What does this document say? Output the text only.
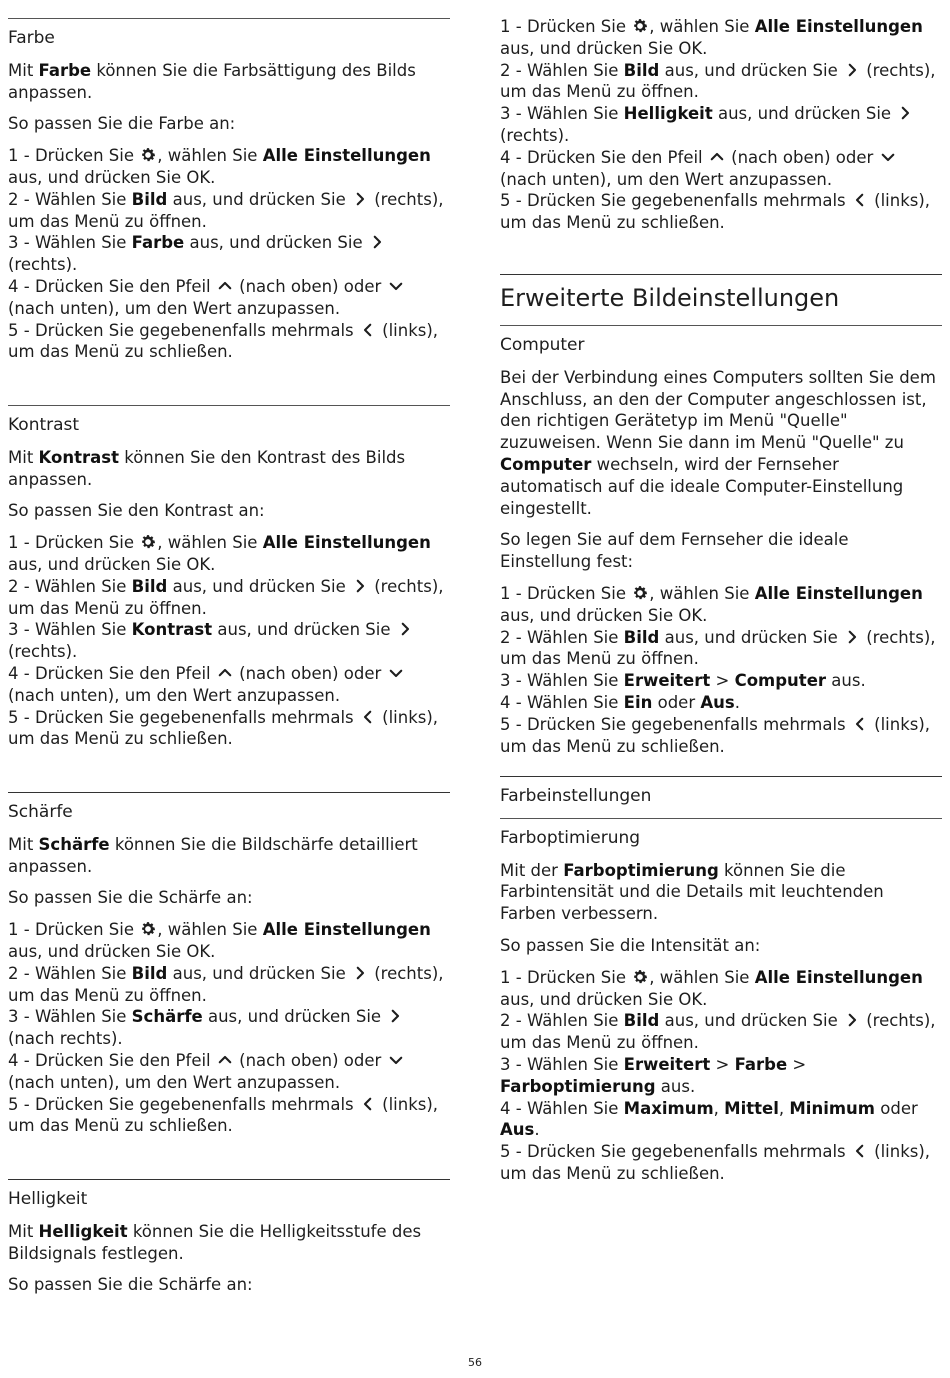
Farbe

Mit Farbe können Sie die Farbsättigung des Bilds anpassen.

So passen Sie die Farbe an:

1 - Drücken Sie
, wählen Sie Alle Einstellungen aus, und drücken Sie OK.
2 - Wählen Sie Bild aus, und drücken Sie
(rechts), um das Menü zu öffnen.
3 - Wählen Sie Farbe aus, und drücken Sie
(rechts).
4 - Drücken Sie den Pfeil
(nach oben) oder
(nach unten), um den Wert anzupassen.
5 - Drücken Sie gegebenenfalls mehrmals
(links), um das Menü zu schließen.
Kontrast

Mit Kontrast können Sie den Kontrast des Bilds anpassen.

So passen Sie den Kontrast an:

1 - Drücken Sie
, wählen Sie Alle Einstellungen aus, und drücken Sie OK.
2 - Wählen Sie Bild aus, und drücken Sie
(rechts), um das Menü zu öffnen.
3 - Wählen Sie Kontrast aus, und drücken Sie
(rechts).
4 - Drücken Sie den Pfeil
(nach oben) oder
(nach unten), um den Wert anzupassen.
5 - Drücken Sie gegebenenfalls mehrmals
(links), um das Menü zu schließen.
Schärfe

Mit Schärfe können Sie die Bildschärfe detailliert anpassen.

So passen Sie die Schärfe an:

1 - Drücken Sie
, wählen Sie Alle Einstellungen aus, und drücken Sie OK.
2 - Wählen Sie Bild aus, und drücken Sie
(rechts), um das Menü zu öffnen.
3 - Wählen Sie Schärfe aus, und drücken Sie
(nach rechts).
4 - Drücken Sie den Pfeil
(nach oben) oder
(nach unten), um den Wert anzupassen.
5 - Drücken Sie gegebenenfalls mehrmals
(links), um das Menü zu schließen.
Helligkeit

Mit Helligkeit können Sie die Helligkeitsstufe des Bildsignals festlegen.

So passen Sie die Schärfe an:

1 - Drücken Sie
, wählen Sie Alle Einstellungen aus, und drücken Sie OK.
2 - Wählen Sie Bild aus, und drücken Sie
(rechts), um das Menü zu öffnen.
3 - Wählen Sie Helligkeit aus, und drücken Sie
(rechts).
4 - Drücken Sie den Pfeil
(nach oben) oder
(nach unten), um den Wert anzupassen.
5 - Drücken Sie gegebenenfalls mehrmals
(links), um das Menü zu schließen.
Erweiterte Bildeinstellungen
Computer

Bei der Verbindung eines Computers sollten Sie dem Anschluss, an den der Computer angeschlossen ist, den richtigen Gerätetyp im Menü "Quelle" zuzuweisen. Wenn Sie dann im Menü "Quelle" zu Computer wechseln, wird der Fernseher automatisch auf die ideale Computer-Einstellung eingestellt.

So legen Sie auf dem Fernseher die ideale Einstellung fest:

1 - Drücken Sie
, wählen Sie Alle Einstellungen aus, und drücken Sie OK.
2 - Wählen Sie Bild aus, und drücken Sie
(rechts), um das Menü zu öffnen.
3 - Wählen Sie Erweitert > Computer aus.
4 - Wählen Sie Ein oder Aus.
5 - Drücken Sie gegebenenfalls mehrmals
(links), um das Menü zu schließen.
Farbeinstellungen
Farboptimierung

Mit der Farboptimierung können Sie die Farbintensität und die Details mit leuchtenden Farben verbessern.

So passen Sie die Intensität an:

1 - Drücken Sie
, wählen Sie Alle Einstellungen aus, und drücken Sie OK.
2 - Wählen Sie Bild aus, und drücken Sie
(rechts), um das Menü zu öffnen.
3 - Wählen Sie Erweitert > Farbe > Farboptimierung aus.
4 - Wählen Sie Maximum, Mittel, Minimum oder Aus.
5 - Drücken Sie gegebenenfalls mehrmals
(links), um das Menü zu schließen.
56
